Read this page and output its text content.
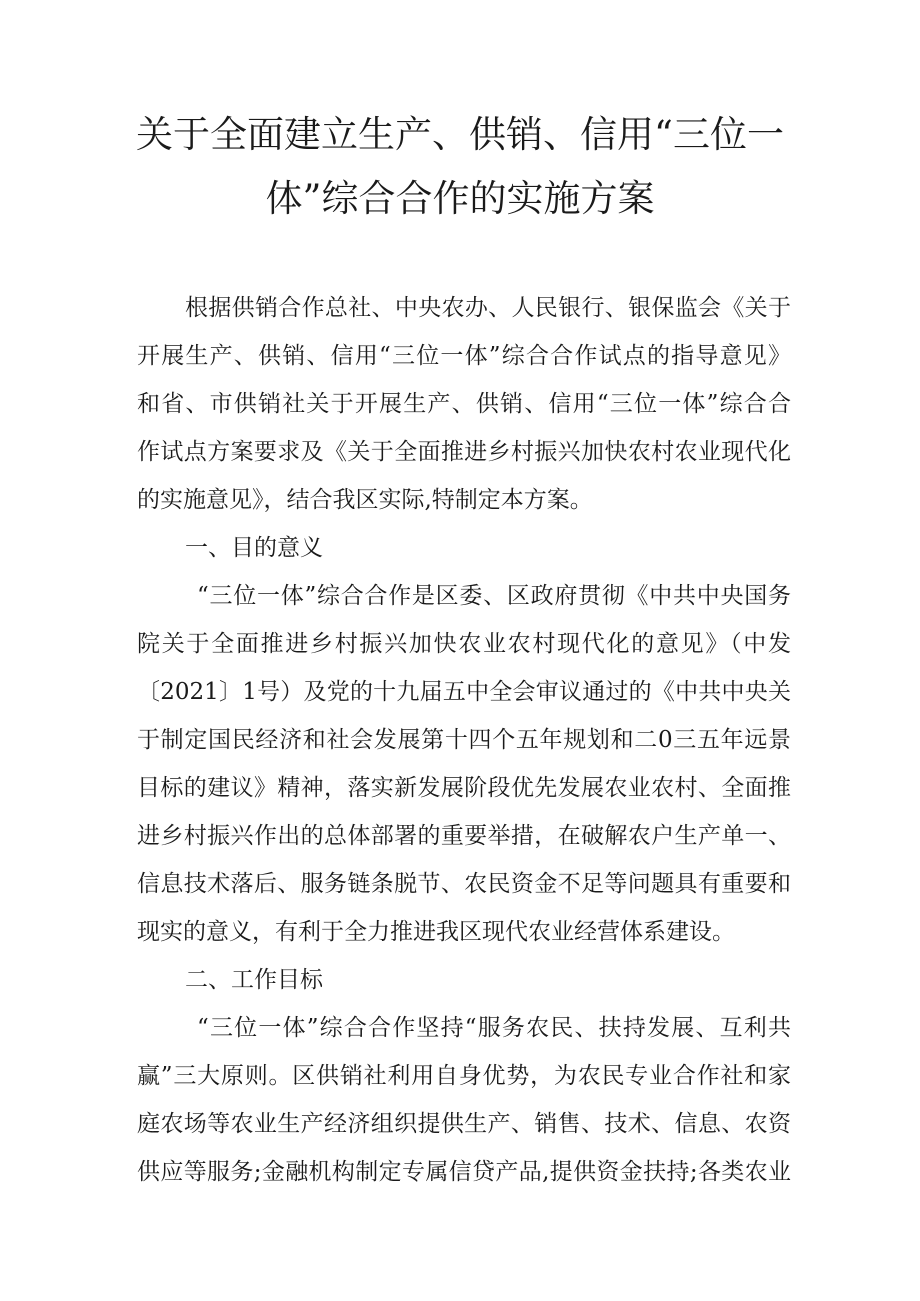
关于全面建立生产、供销、信用“三位一
体”综合合作的实施方案
根据供销合作总社、中央农办、人民银行、银保监会《关于
开展生产、供销、信用“三位一体”综合合作试点的指导意见》
和省、市供销社关于开展生产、供销、信用“三位一体”综合合
作试点方案要求及《关于全面推进乡村振兴加快农村农业现代化
的实施意见》，结合我区实际,特制定本方案。
一、目的意义
“三位一体”综合合作是区委、区政府贯彻《中共中央国务
院关于全面推进乡村振兴加快农业农村现代化的意见》（中发
〔2021〕1号）及党的十九届五中全会审议通过的《中共中央关
于制定国民经济和社会发展第十四个五年规划和二0三五年远景
目标的建议》精神，落实新发展阶段优先发展农业农村、全面推
进乡村振兴作出的总体部署的重要举措，在破解农户生产单一、
信息技术落后、服务链条脱节、农民资金不足等问题具有重要和
现实的意义，有利于全力推进我区现代农业经营体系建设。
二、工作目标
“三位一体”综合合作坚持“服务农民、扶持发展、互利共
赢”三大原则。区供销社利用自身优势，为农民专业合作社和家
庭农场等农业生产经济组织提供生产、销售、技术、信息、农资
供应等服务;金融机构制定专属信贷产品,提供资金扶持;各类农业
